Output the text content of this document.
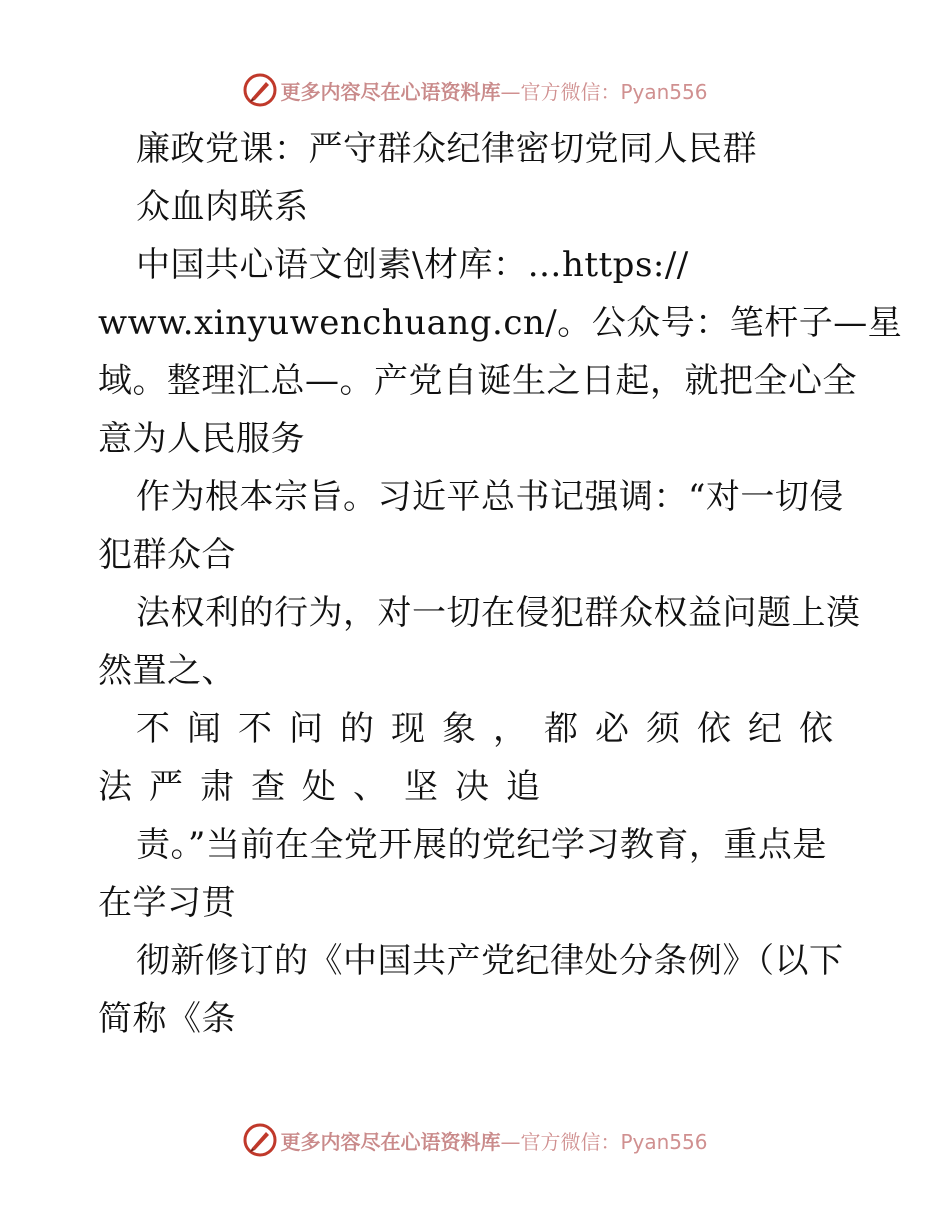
更多内容尽在心语资料库 —官方微信：Pyan556
廉政党课：严守群众纪律密切党同人民群
众血肉联系
中国共心语文创素\材库：…https://
www.xinyuwenchuang.cn/。公众号：笔杆子—星
域。整理汇总—。产党自诞生之日起，就把全心全
意为人民服务
作为根本宗旨。习近平总书记强调：“对一切侵
犯群众合
法权利的行为，对一切在侵犯群众权益问题上漠
然置之、
不闻不问的现象，都必须依纪依
法严肃查处、坚决追
责。”当前在全党开展的党纪学习教育，重点是
在学习贯
彻新修订的《中国共产党纪律处分条例》（以下
简称《条
更多内容尽在心语资料库 —官方微信：Pyan556
